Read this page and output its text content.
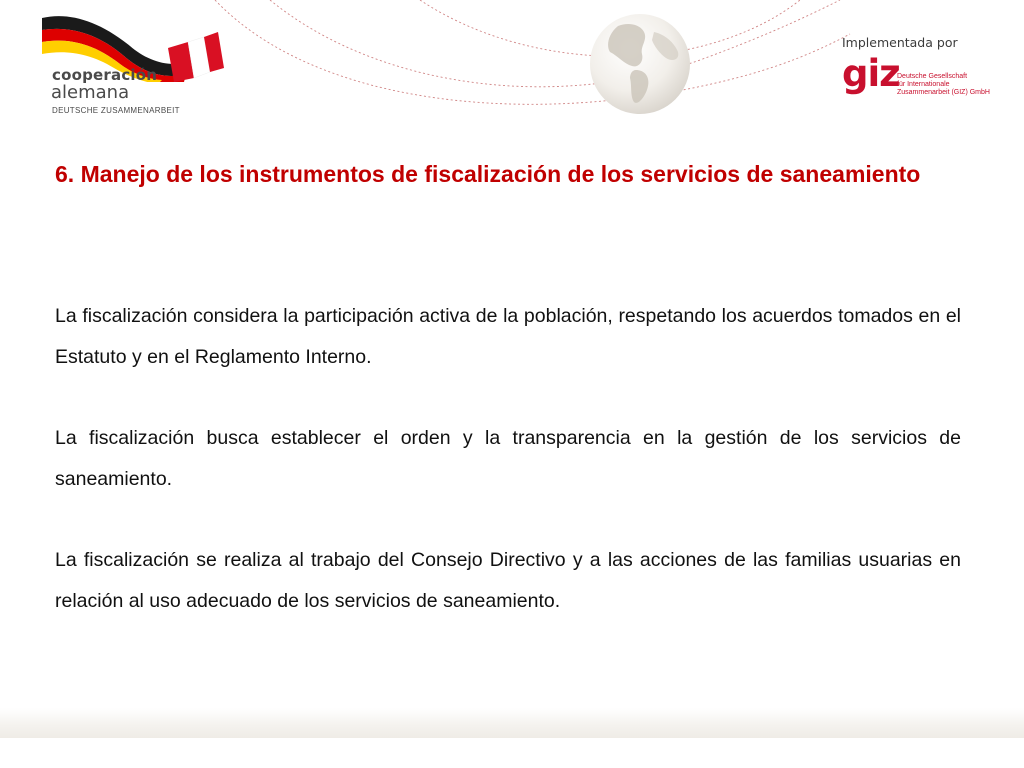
cooperación
alemana
DEUTSCHE ZUSAMMENARBEIT
Implementada por
giz
Deutsche Gesellschaft
für Internationale
Zusammenarbeit (GIZ) GmbH
6. Manejo de los instrumentos de fiscalización de los servicios de saneamiento

La fiscalización considera la participación activa de la población, respetando los acuerdos tomados en el Estatuto y en el Reglamento Interno.

La fiscalización busca establecer el orden y la transparencia en la gestión de los servicios de saneamiento.

La fiscalización se realiza al trabajo del Consejo Directivo y a las acciones de las familias usuarias en relación al uso adecuado de los servicios de saneamiento.
